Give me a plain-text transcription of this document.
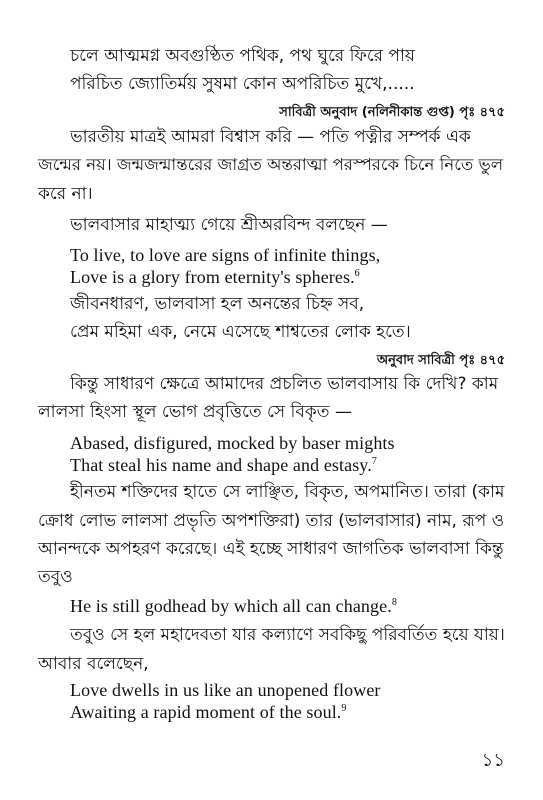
চলে আত্মমগ্ন অবগুণ্ঠিত পথিক, পথ ঘুরে ফিরে পায়
পরিচিত জ্যোতির্ময় সুষমা কোন অপরিচিত মুখে,.....
সাবিত্রী অনুবাদ (নলিনীকান্ত গুপ্ত) পৃঃ ৪৭৫
ভারতীয় মাত্রই আমরা বিশ্বাস করি — পতি পত্নীর সম্পর্ক এক
জন্মের নয়। জন্মজন্মান্তরের জাগ্রত অন্তরাত্মা পরস্পরকে চিনে নিতে ভুল
করে না।
ভালবাসার মাহাত্ম্য গেয়ে শ্রীঅরবিন্দ বলছেন —
To live, to love are signs of infinite things,
Love is a glory from eternity's spheres.$^6$
জীবনধারণ, ভালবাসা হল অনন্তের চিহ্ন সব,
প্রেম মহিমা এক, নেমে এসেছে শাশ্বতের লোক হতে।
অনুবাদ সাবিত্রী পৃঃ ৪৭৫
কিন্তু সাধারণ ক্ষেত্রে আমাদের প্রচলিত ভালবাসায় কি দেখি? কাম
লালসা হিংসা স্থূল ভোগ প্রবৃত্তিতে সে বিকৃত —
Abased, disfigured, mocked by baser mights
That steal his name and shape and estasy.$^7$
হীনতম শক্তিদের হাতে সে লাঞ্ছিত, বিকৃত, অপমানিত। তারা (কাম
ক্রোধ লোভ লালসা প্রভৃতি অপশক্তিরা) তার (ভালবাসার) নাম, রূপ ও
আনন্দকে অপহরণ করেছে। এই হচ্ছে সাধারণ জাগতিক ভালবাসা কিন্তু
তবুও
He is still godhead by which all can change.$^8$
তবুও সে হল মহাদেবতা যার কল্যাণে সবকিছু পরিবর্তিত হয়ে যায়।
আবার বলেছেন,
Love dwells in us like an unopened flower
Awaiting a rapid moment of the soul.$^9$
১১
